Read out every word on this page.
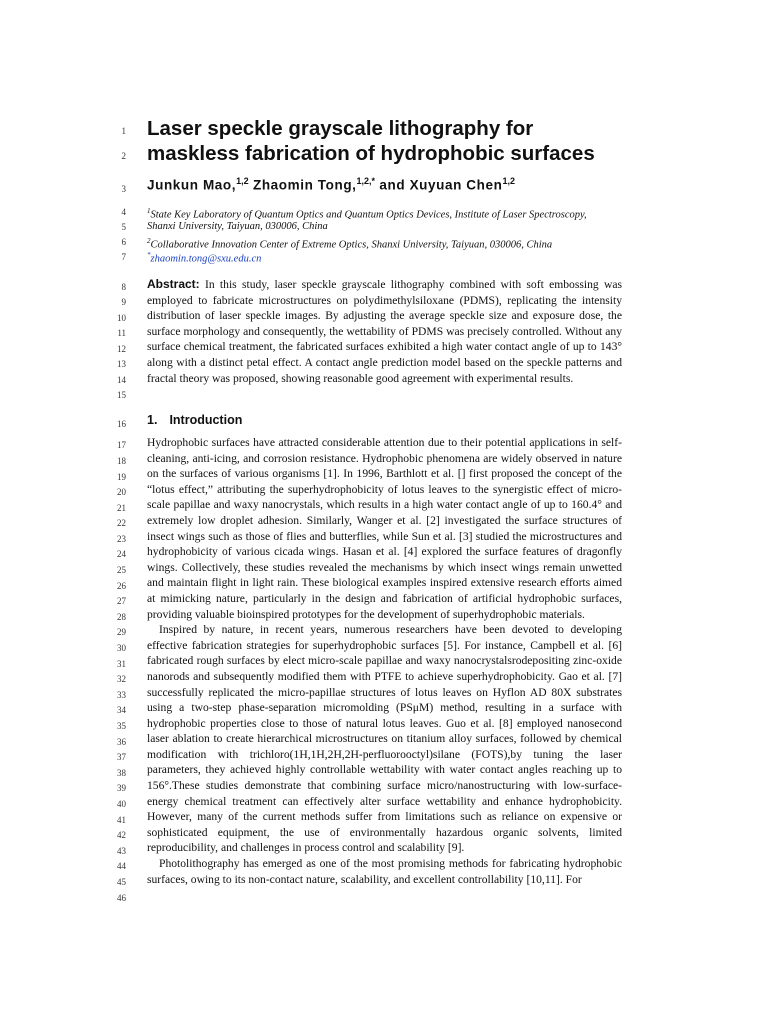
1
2
3
4
5
6
7
8
9
10
11
12
13
14
15
16
17
18
19
20
21
22
23
24
25
26
27
28
29
30
31
32
33
34
35
36
37
38
39
40
41
42
43
44
45
46
Laser speckle grayscale lithography for
maskless fabrication of hydrophobic surfaces
Junkun Mao,$^{1,2}$ Zhaomin Tong,$^{1,2,*}$ and Xuyuan Chen$^{1,2}$
$^1$State Key Laboratory of Quantum Optics and Quantum Optics Devices, Institute of Laser Spectroscopy,
Shanxi University, Taiyuan, 030006, China
$^2$Collaborative Innovation Center of Extreme Optics, Shanxi University, Taiyuan, 030006, China
*zhaomin.tong@sxu.edu.cn

Abstract: In this study, laser speckle grayscale lithography combined with soft embossing was employed to fabricate microstructures on polydimethylsiloxane (PDMS), replicating the intensity distribution of laser speckle images. By adjusting the average speckle size and exposure dose, the surface morphology and consequently, the wettability of PDMS was precisely controlled. Without any surface chemical treatment, the fabricated surfaces exhibited a high water contact angle of up to 143° along with a distinct petal effect. A contact angle prediction model based on the speckle patterns and fractal theory was proposed, showing reasonable good agreement with experimental results.

1. Introduction

Hydrophobic surfaces have attracted considerable attention due to their potential applications in self-cleaning, anti-icing, and corrosion resistance. Hydrophobic phenomena are widely observed in nature on the surfaces of various organisms [1]. In 1996, Barthlott et al. [] first proposed the concept of the “lotus effect,” attributing the superhydrophobicity of lotus leaves to the synergistic effect of micro-scale papillae and waxy nanocrystals, which results in a high water contact angle of up to 160.4° and extremely low droplet adhesion. Similarly, Wanger et al. [2] investigated the surface structures of insect wings such as those of flies and butterflies, while Sun et al. [3] studied the microstructures and hydrophobicity of various cicada wings. Hasan et al. [4] explored the surface features of dragonfly wings. Collectively, these studies revealed the mechanisms by which insect wings remain unwetted and maintain flight in light rain. These biological examples inspired extensive research efforts aimed at mimicking nature, particularly in the design and fabrication of artificial hydrophobic surfaces, providing valuable bioinspired prototypes for the development of superhydrophobic materials.

Inspired by nature, in recent years, numerous researchers have been devoted to developing effective fabrication strategies for superhydrophobic surfaces [5]. For instance, Campbell et al. [6] fabricated rough surfaces by elect micro-scale papillae and waxy nanocrystalsrodepositing zinc-oxide nanorods and subsequently modified them with PTFE to achieve superhydrophobicity. Gao et al. [7] successfully replicated the micro-papillae structures of lotus leaves on Hyflon AD 80X substrates using a two-step phase-separation micromolding (PSμM) method, resulting in a surface with hydrophobic properties close to those of natural lotus leaves. Guo et al. [8] employed nanosecond laser ablation to create hierarchical microstructures on titanium alloy surfaces, followed by chemical modification with trichloro(1H,1H,2H,2H-perfluorooctyl)silane (FOTS),by tuning the laser parameters, they achieved highly controllable wettability with water contact angles reaching up to 156°.These studies demonstrate that combining surface micro/nanostructuring with low-surface-energy chemical treatment can effectively alter surface wettability and enhance hydrophobicity. However, many of the current methods suffer from limitations such as reliance on expensive or sophisticated equipment, the use of environmentally hazardous organic solvents, limited reproducibility, and challenges in process control and scalability [9].

Photolithography has emerged as one of the most promising methods for fabricating hydrophobic surfaces, owing to its non-contact nature, scalability, and excellent controllability [10,11]. For
